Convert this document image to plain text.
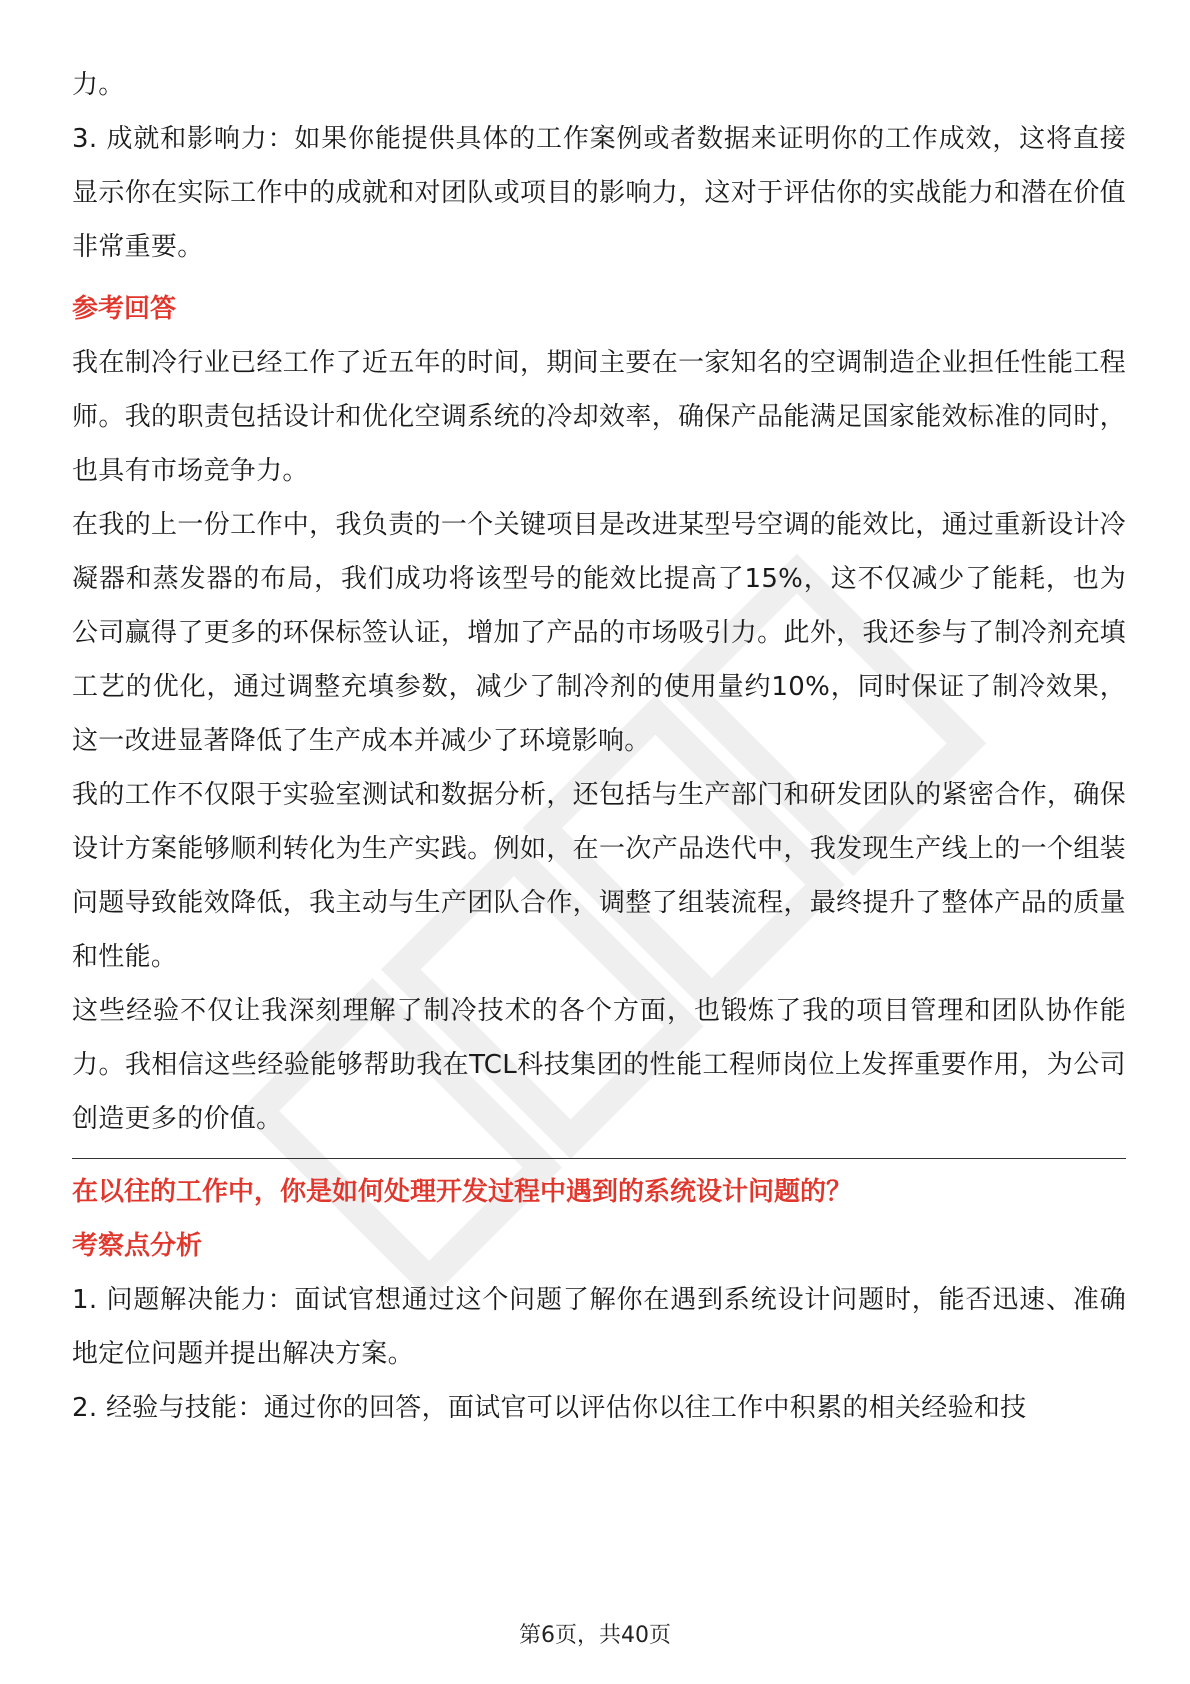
力。

3. 成就和影响力：如果你能提供具体的工作案例或者数据来证明你的工作成效，这将直接显示你在实际工作中的成就和对团队或项目的影响力，这对于评估你的实战能力和潜在价值非常重要。

参考回答

我在制冷行业已经工作了近五年的时间，期间主要在一家知名的空调制造企业担任性能工程师。我的职责包括设计和优化空调系统的冷却效率，确保产品能满足国家能效标准的同时，也具有市场竞争力。

在我的上一份工作中，我负责的一个关键项目是改进某型号空调的能效比，通过重新设计冷凝器和蒸发器的布局，我们成功将该型号的能效比提高了15%，这不仅减少了能耗，也为公司赢得了更多的环保标签认证，增加了产品的市场吸引力。此外，我还参与了制冷剂充填工艺的优化，通过调整充填参数，减少了制冷剂的使用量约10%，同时保证了制冷效果，这一改进显著降低了生产成本并减少了环境影响。

我的工作不仅限于实验室测试和数据分析，还包括与生产部门和研发团队的紧密合作，确保设计方案能够顺利转化为生产实践。例如，在一次产品迭代中，我发现生产线上的一个组装问题导致能效降低，我主动与生产团队合作，调整了组装流程，最终提升了整体产品的质量和性能。

这些经验不仅让我深刻理解了制冷技术的各个方面，也锻炼了我的项目管理和团队协作能力。我相信这些经验能够帮助我在TCL科技集团的性能工程师岗位上发挥重要作用，为公司创造更多的价值。

在以往的工作中，你是如何处理开发过程中遇到的系统设计问题的？

考察点分析

1. 问题解决能力：面试官想通过这个问题了解你在遇到系统设计问题时，能否迅速、准确地定位问题并提出解决方案。

2. 经验与技能：通过你的回答，面试官可以评估你以往工作中积累的相关经验和技

第6页，共40页
